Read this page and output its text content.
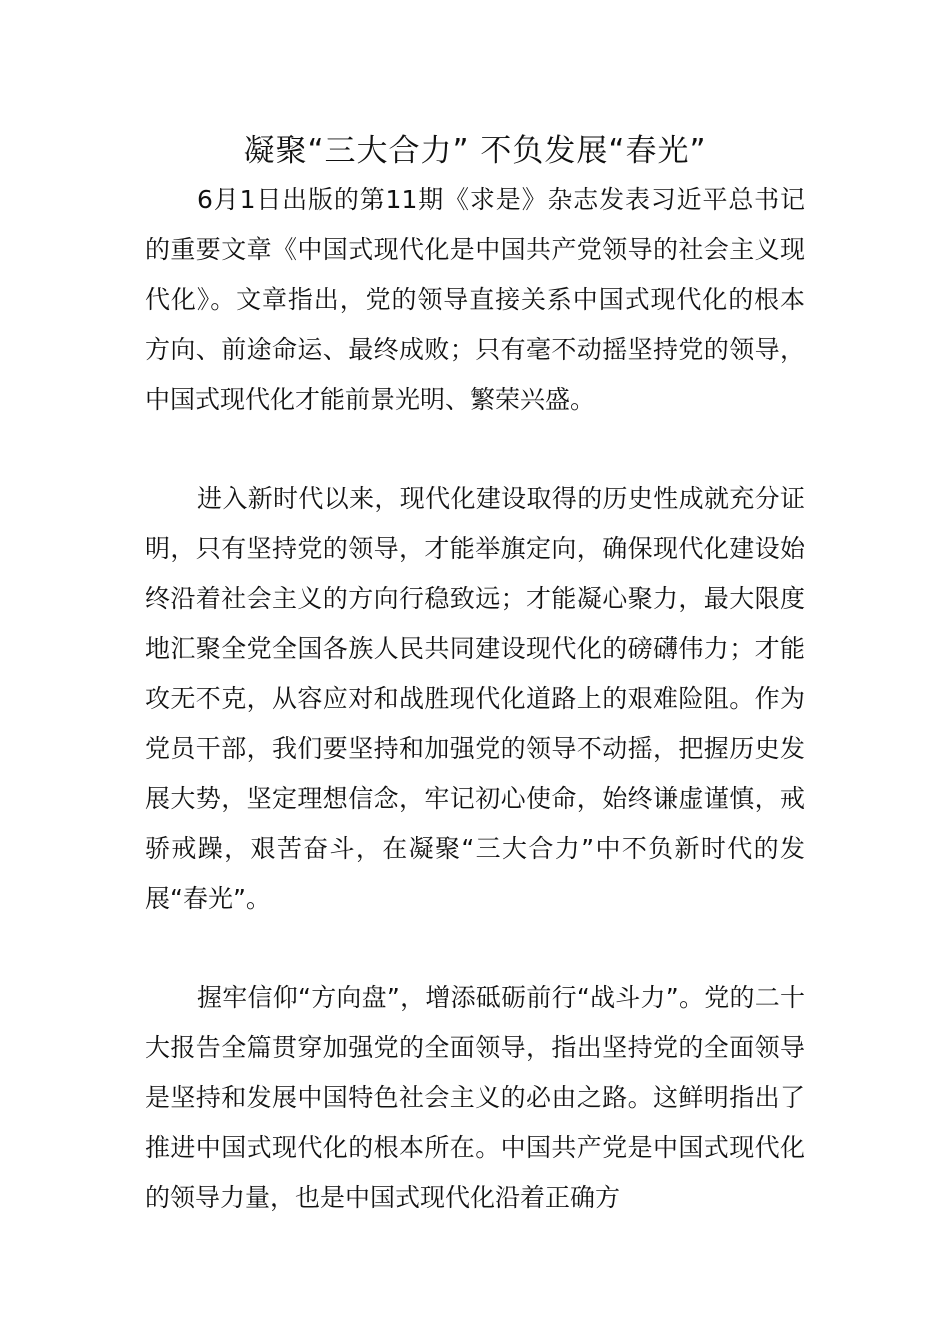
凝聚“三大合力” 不负发展“春光”

6月1日出版的第11期《求是》杂志发表习近平总书记的重要文章《中国式现代化是中国共产党领导的社会主义现代化》。文章指出，党的领导直接关系中国式现代化的根本方向、前途命运、最终成败；只有毫不动摇坚持党的领导，中国式现代化才能前景光明、繁荣兴盛。

进入新时代以来，现代化建设取得的历史性成就充分证明，只有坚持党的领导，才能举旗定向，确保现代化建设始终沿着社会主义的方向行稳致远；才能凝心聚力，最大限度地汇聚全党全国各族人民共同建设现代化的磅礴伟力；才能攻无不克，从容应对和战胜现代化道路上的艰难险阻。作为党员干部，我们要坚持和加强党的领导不动摇，把握历史发展大势，坚定理想信念，牢记初心使命，始终谦虚谨慎，戒骄戒躁，艰苦奋斗，在凝聚“三大合力”中不负新时代的发展“春光”。

握牢信仰“方向盘”，增添砥砺前行“战斗力”。党的二十大报告全篇贯穿加强党的全面领导，指出坚持党的全面领导是坚持和发展中国特色社会主义的必由之路。这鲜明指出了推进中国式现代化的根本所在。中国共产党是中国式现代化的领导力量，也是中国式现代化沿着正确方
